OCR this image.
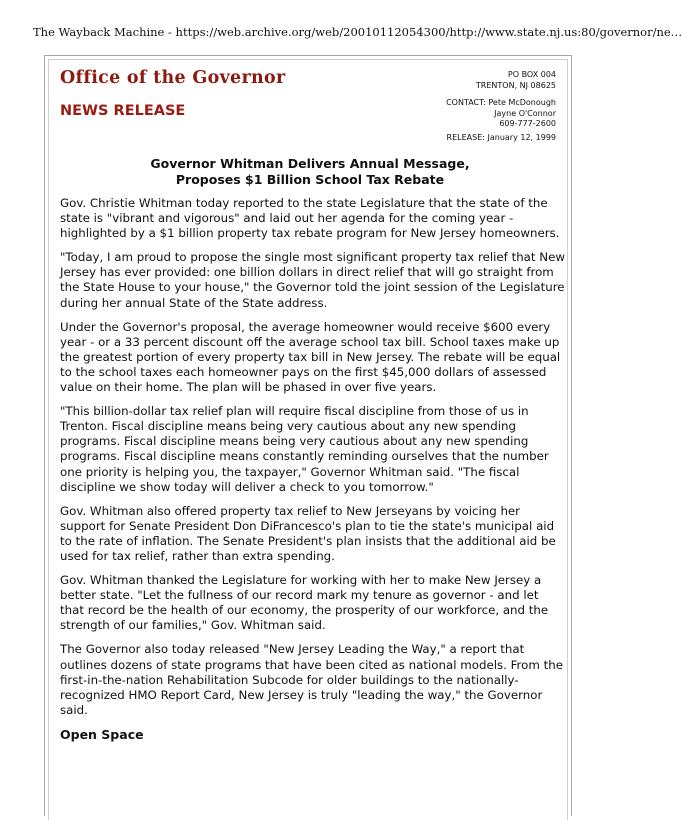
The Wayback Machine - https://web.archive.org/web/20010112054300/http://www.state.nj.us:80/governor/ne…
Office of the Governor
NEWS RELEASE
PO BOX 004
TRENTON, NJ 08625
CONTACT: Pete McDonough
Jayne O'Connor
609-777-2600
RELEASE: January 12, 1999
Governor Whitman Delivers Annual Message,
Proposes $1 Billion School Tax Rebate

Gov. Christie Whitman today reported to the state Legislature that the state of the state is "vibrant and vigorous" and laid out her agenda for the coming year - highlighted by a $1 billion property tax rebate program for New Jersey homeowners.

"Today, I am proud to propose the single most significant property tax relief that New Jersey has ever provided: one billion dollars in direct relief that will go straight from the State House to your house," the Governor told the joint session of the Legislature during her annual State of the State address.

Under the Governor's proposal, the average homeowner would receive $600 every year - or a 33 percent discount off the average school tax bill. School taxes make up the greatest portion of every property tax bill in New Jersey. The rebate will be equal to the school taxes each homeowner pays on the first $45,000 dollars of assessed value on their home. The plan will be phased in over five years.

"This billion-dollar tax relief plan will require fiscal discipline from those of us in Trenton. Fiscal discipline means being very cautious about any new spending programs. Fiscal discipline means being very cautious about any new spending programs. Fiscal discipline means constantly reminding ourselves that the number one priority is helping you, the taxpayer," Governor Whitman said. "The fiscal discipline we show today will deliver a check to you tomorrow."

Gov. Whitman also offered property tax relief to New Jerseyans by voicing her support for Senate President Don DiFrancesco's plan to tie the state's municipal aid to the rate of inflation. The Senate President's plan insists that the additional aid be used for tax relief, rather than extra spending.

Gov. Whitman thanked the Legislature for working with her to make New Jersey a better state. "Let the fullness of our record mark my tenure as governor - and let that record be the health of our economy, the prosperity of our workforce, and the strength of our families," Gov. Whitman said.

The Governor also today released "New Jersey Leading the Way," a report that outlines dozens of state programs that have been cited as national models. From the first-in-the-nation Rehabilitation Subcode for older buildings to the nationally-recognized HMO Report Card, New Jersey is truly "leading the way," the Governor said.

Open Space
